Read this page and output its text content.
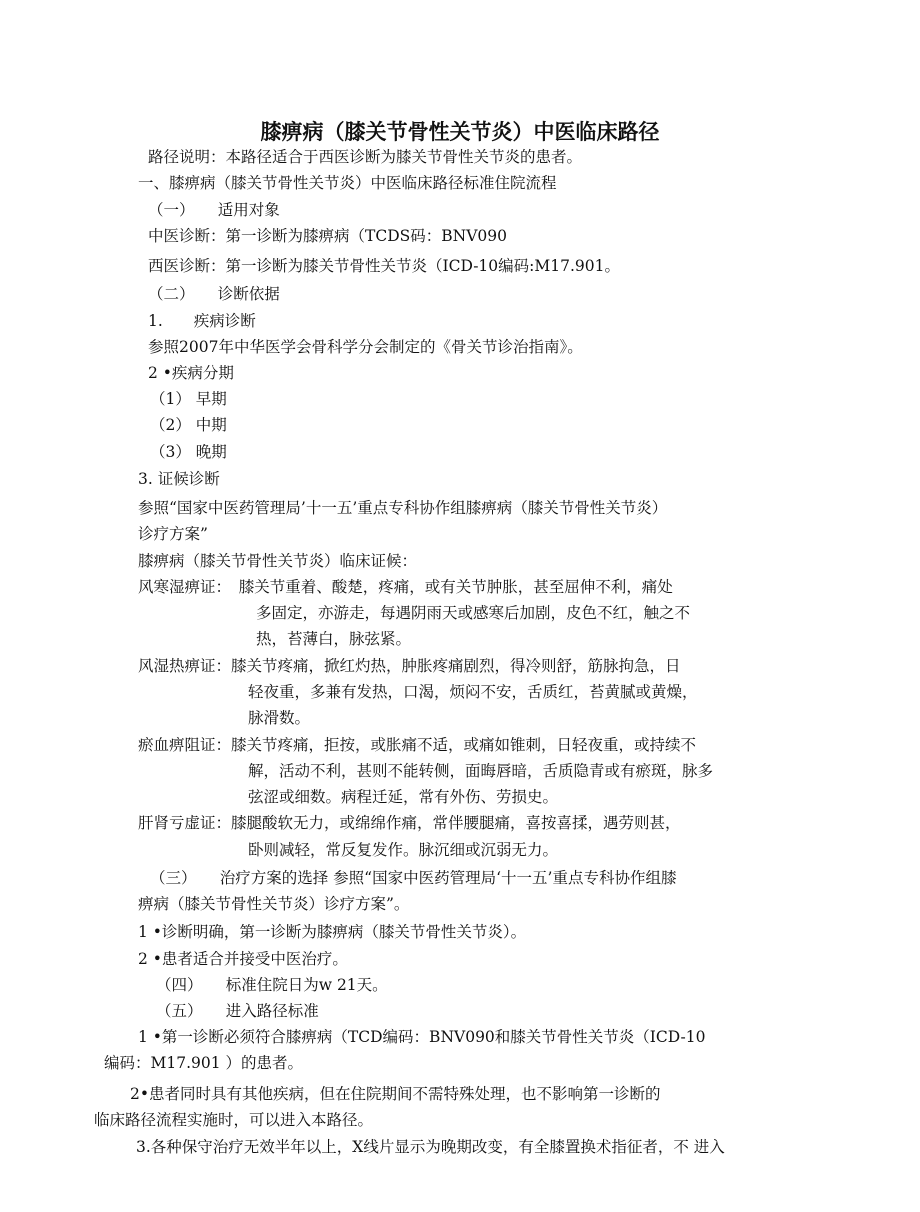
膝痹病（膝关节骨性关节炎）中医临床路径
路径说明：本路径适合于西医诊断为膝关节骨性关节炎的患者。
一、膝痹病（膝关节骨性关节炎）中医临床路径标准住院流程
（一）　　适用对象
中医诊断：第一诊断为膝痹病（TCDS码：BNV090
西医诊断：第一诊断为膝关节骨性关节炎（ICD-10编码:M17.901。
（二）　　诊断依据
1.　　疾病诊断
参照2007年中华医学会骨科学分会制定的《骨关节诊治指南》。
2 •疾病分期
（1） 早期
（2） 中期
（3） 晚期
3. 证候诊断
参照“国家中医药管理局’十一五’重点专科协作组膝痹病（膝关节骨性关节炎）
诊疗方案”
膝痹病（膝关节骨性关节炎）临床证候：
风寒湿痹证：　膝关节重着、酸楚，疼痛，或有关节肿胀，甚至屈伸不利，痛处
多固定，亦游走，每遇阴雨天或感寒后加剧，皮色不红，触之不
热，苔薄白，脉弦紧。
风湿热痹证：膝关节疼痛，掀红灼热，肿胀疼痛剧烈，得冷则舒，筋脉拘急，日
轻夜重，多兼有发热，口渴，烦闷不安，舌质红，苔黄腻或黄燥，
脉滑数。
瘀血痹阻证：膝关节疼痛，拒按，或胀痛不适，或痛如锥刺，日轻夜重，或持续不
解，活动不利，甚则不能转侧，面晦唇暗，舌质隐青或有瘀斑，脉多
弦涩或细数。病程迁延，常有外伤、劳损史。
肝肾亏虚证：膝腿酸软无力，或绵绵作痛，常伴腰腿痛，喜按喜揉，遇劳则甚，
卧则减轻，常反复发作。脉沉细或沉弱无力。
（三）　　治疗方案的选择 参照“国家中医药管理局‘十一五’重点专科协作组膝
痹病（膝关节骨性关节炎）诊疗方案”。
1 •诊断明确，第一诊断为膝痹病（膝关节骨性关节炎）。
2 •患者适合并接受中医治疗。
（四）　　标准住院日为w 21天。
（五）　　进入路径标准
1 •第一诊断必须符合膝痹病（TCD编码：BNV090和膝关节骨性关节炎（ICD-10
编码：M17.901 ）的患者。
2•患者同时具有其他疾病，但在住院期间不需特殊处理，也不影响第一诊断的
临床路径流程实施时，可以进入本路径。
3.各种保守治疗无效半年以上，X线片显示为晚期改变，有全膝置换术指征者，不 进入
